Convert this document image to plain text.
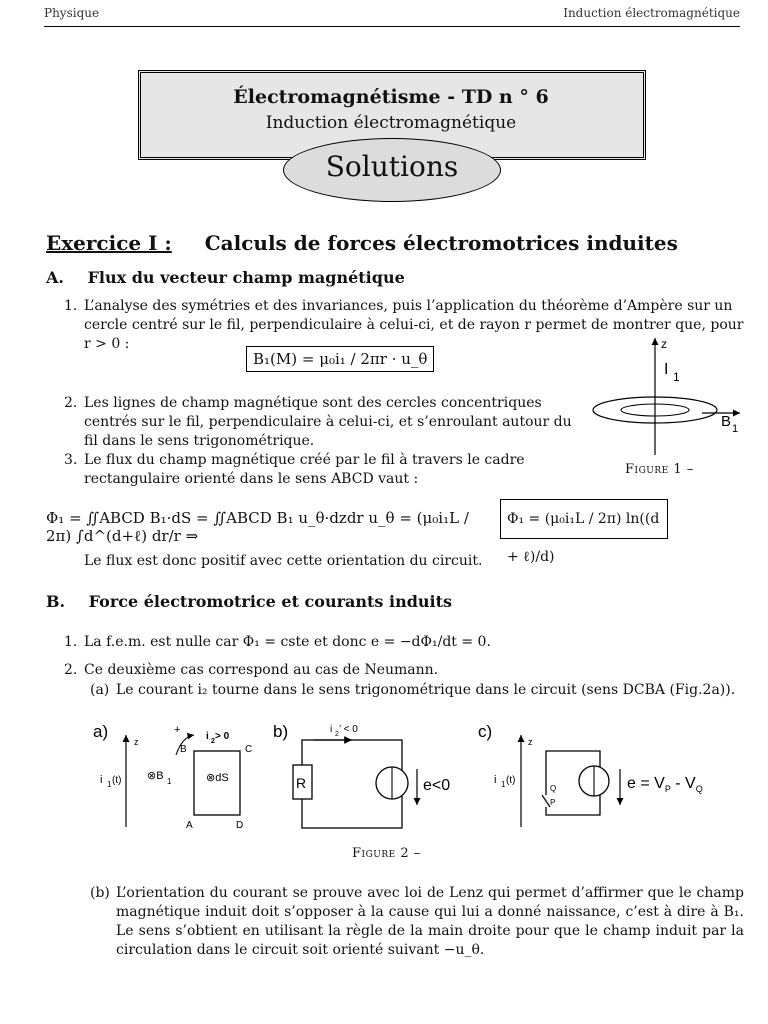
Physique	Induction électromagnétique
Électromagnétisme - TD n ° 6
Induction électromagnétique
Solutions
Exercice I : Calculs de forces électromotrices induites
A. Flux du vecteur champ magnétique
1. L’analyse des symétries et des invariances, puis l’application du théorème d’Ampère sur un cercle centré sur le fil, perpendiculaire à celui-ci, et de rayon r permet de montrer que, pour r > 0 :
B₁(M) = μ₀i₁ / 2πr · u_θ
2. Les lignes de champ magnétique sont des cercles concentriques centrés sur le fil, perpendiculaire à celui-ci, et s’enroulant autour du fil dans le sens trigonométrique.
3. Le flux du champ magnétique créé par le fil à travers le cadre rectangulaire orienté dans le sens ABCD vaut :
Φ₁ = ∬ABCD B₁·dS = ∬ABCD B₁ u_θ·dzdr u_θ = (μ₀i₁L / 2π) ∫d^(d+ℓ) dr/r ⇒
Φ₁ = (μ₀i₁L / 2π) ln((d + ℓ)/d)
Le flux est donc positif avec cette orientation du circuit.
z
I 1
B 1
Figure 1 –
B. Force électromotrice et courants induits
1. La f.e.m. est nulle car Φ₁ = cste et donc e = −dΦ₁/dt = 0.
2. Ce deuxième cas correspond au cas de Neumann.
(a) Le courant i₂ tourne dans le sens trigonométrique dans le circuit (sens DCBA (Fig.2a)).
a)
z
i 1 (t) ⊗B 1	⊗dS
+
i 2 > 0
B	C
A	D
b)	i 2 ’ < 0
R	e<0
c)
z
i 1 (t)
Q
P
$e = V_P - V_Q$
Figure 2 –
(b) L’orientation du courant se prouve avec loi de Lenz qui permet d’affirmer que le champ magnétique induit doit s’opposer à la cause qui lui a donné naissance, c’est à dire à B₁. Le sens s’obtient en utilisant la règle de la main droite pour que le champ induit par la circulation dans le circuit soit orienté suivant −u_θ.
